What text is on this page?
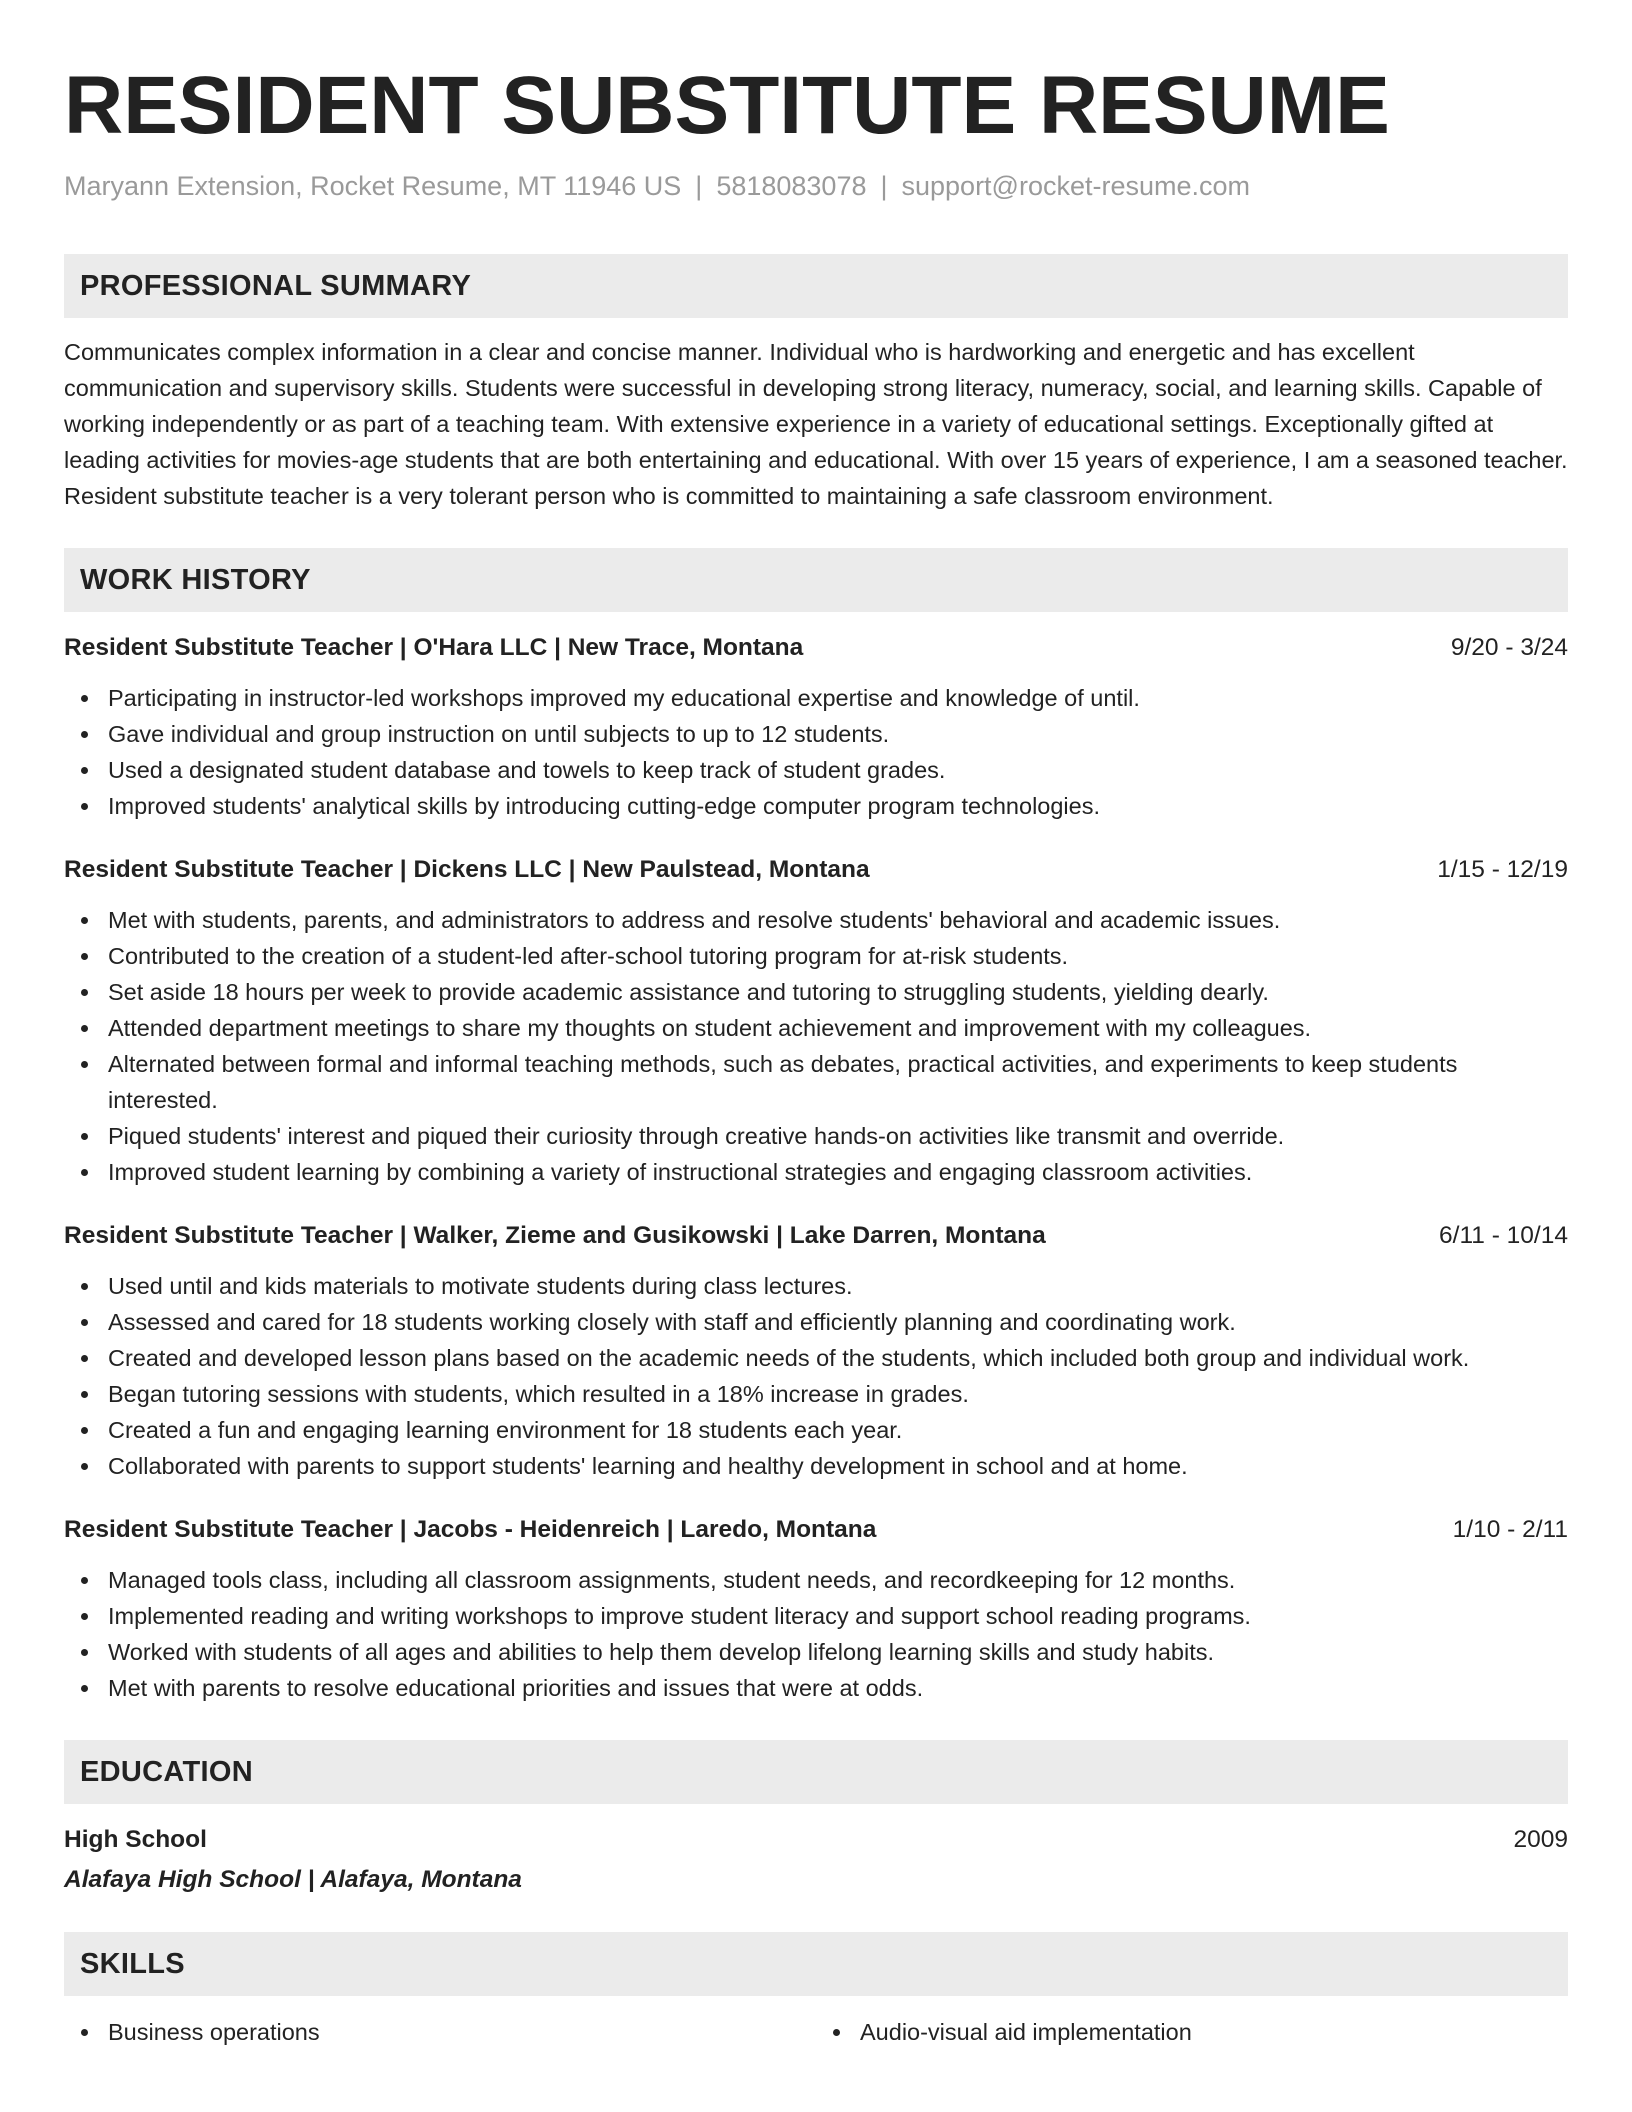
RESIDENT SUBSTITUTE RESUME
Maryann Extension, Rocket Resume, MT 11946 US | 5818083078 | support@rocket-resume.com
PROFESSIONAL SUMMARY
Communicates complex information in a clear and concise manner. Individual who is hardworking and energetic and has excellent communication and supervisory skills. Students were successful in developing strong literacy, numeracy, social, and learning skills. Capable of working independently or as part of a teaching team. With extensive experience in a variety of educational settings. Exceptionally gifted at leading activities for movies-age students that are both entertaining and educational. With over 15 years of experience, I am a seasoned teacher. Resident substitute teacher is a very tolerant person who is committed to maintaining a safe classroom environment.
WORK HISTORY
Resident Substitute Teacher | O'Hara LLC | New Trace, Montana	9/20 - 3/24
Participating in instructor-led workshops improved my educational expertise and knowledge of until.
Gave individual and group instruction on until subjects to up to 12 students.
Used a designated student database and towels to keep track of student grades.
Improved students' analytical skills by introducing cutting-edge computer program technologies.
Resident Substitute Teacher | Dickens LLC | New Paulstead, Montana	1/15 - 12/19
Met with students, parents, and administrators to address and resolve students' behavioral and academic issues.
Contributed to the creation of a student-led after-school tutoring program for at-risk students.
Set aside 18 hours per week to provide academic assistance and tutoring to struggling students, yielding dearly.
Attended department meetings to share my thoughts on student achievement and improvement with my colleagues.
Alternated between formal and informal teaching methods, such as debates, practical activities, and experiments to keep students interested.
Piqued students' interest and piqued their curiosity through creative hands-on activities like transmit and override.
Improved student learning by combining a variety of instructional strategies and engaging classroom activities.
Resident Substitute Teacher | Walker, Zieme and Gusikowski | Lake Darren, Montana	6/11 - 10/14
Used until and kids materials to motivate students during class lectures.
Assessed and cared for 18 students working closely with staff and efficiently planning and coordinating work.
Created and developed lesson plans based on the academic needs of the students, which included both group and individual work.
Began tutoring sessions with students, which resulted in a 18% increase in grades.
Created a fun and engaging learning environment for 18 students each year.
Collaborated with parents to support students' learning and healthy development in school and at home.
Resident Substitute Teacher | Jacobs - Heidenreich | Laredo, Montana	1/10 - 2/11
Managed tools class, including all classroom assignments, student needs, and recordkeeping for 12 months.
Implemented reading and writing workshops to improve student literacy and support school reading programs.
Worked with students of all ages and abilities to help them develop lifelong learning skills and study habits.
Met with parents to resolve educational priorities and issues that were at odds.
EDUCATION
High School	2009
Alafaya High School | Alafaya, Montana
SKILLS
Business operations	Audio-visual aid implementation
